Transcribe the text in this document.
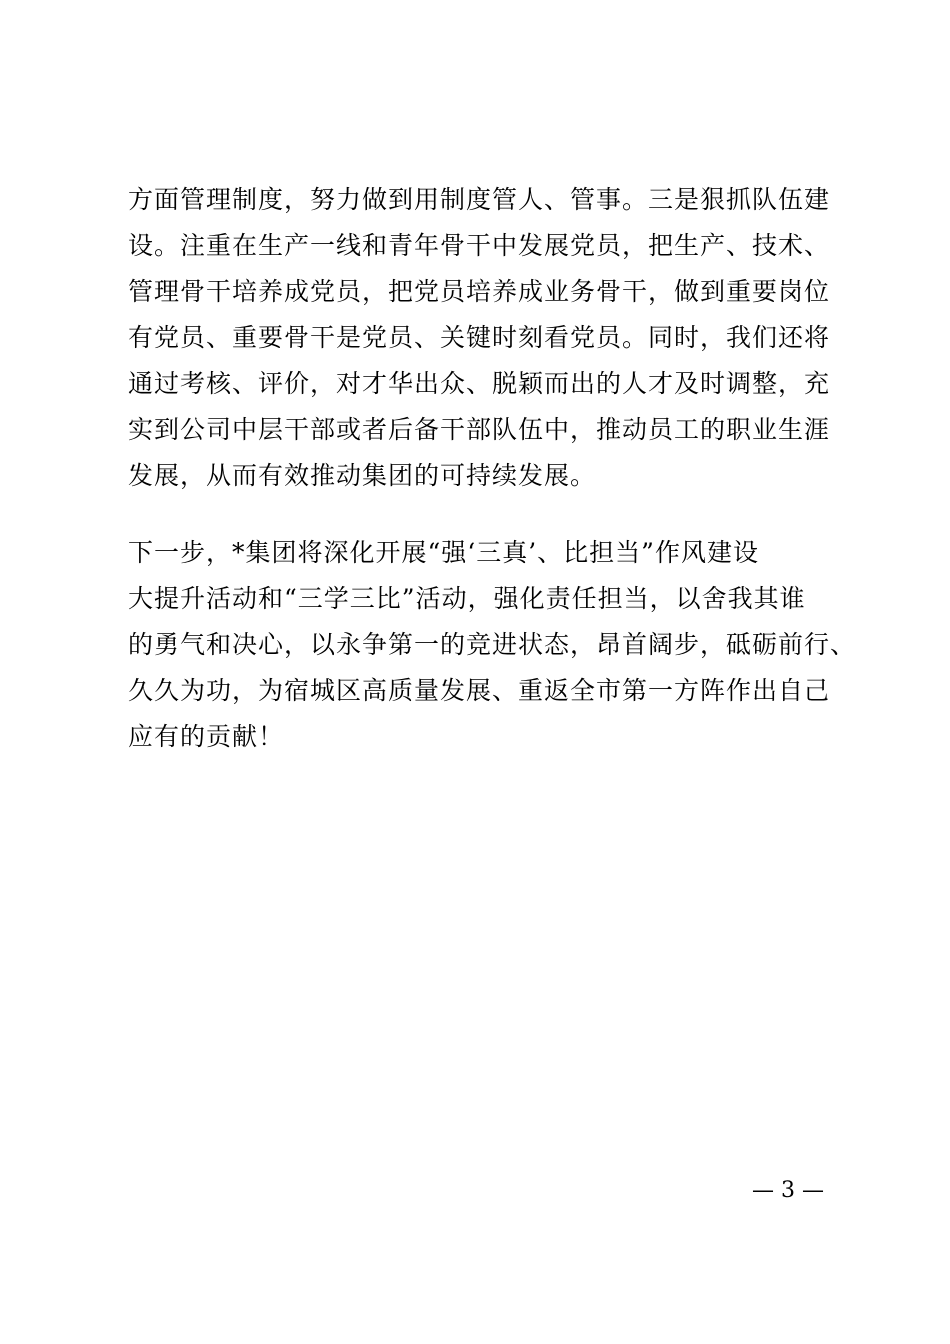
方面管理制度，努力做到用制度管人、管事。三是狠抓队伍建
设。注重在生产一线和青年骨干中发展党员，把生产、技术、
管理骨干培养成党员，把党员培养成业务骨干，做到重要岗位
有党员、重要骨干是党员、关键时刻看党员。同时，我们还将
通过考核、评价，对才华出众、脱颖而出的人才及时调整，充
实到公司中层干部或者后备干部队伍中，推动员工的职业生涯
发展，从而有效推动集团的可持续发展。
下一步，*集团将深化开展“强‘三真’、比担当”作风建设
大提升活动和“三学三比”活动，强化责任担当，以舍我其谁
的勇气和决心，以永争第一的竞进状态，昂首阔步，砥砺前行、
久久为功，为宿城区高质量发展、重返全市第一方阵作出自己
应有的贡献！
— 3 —
